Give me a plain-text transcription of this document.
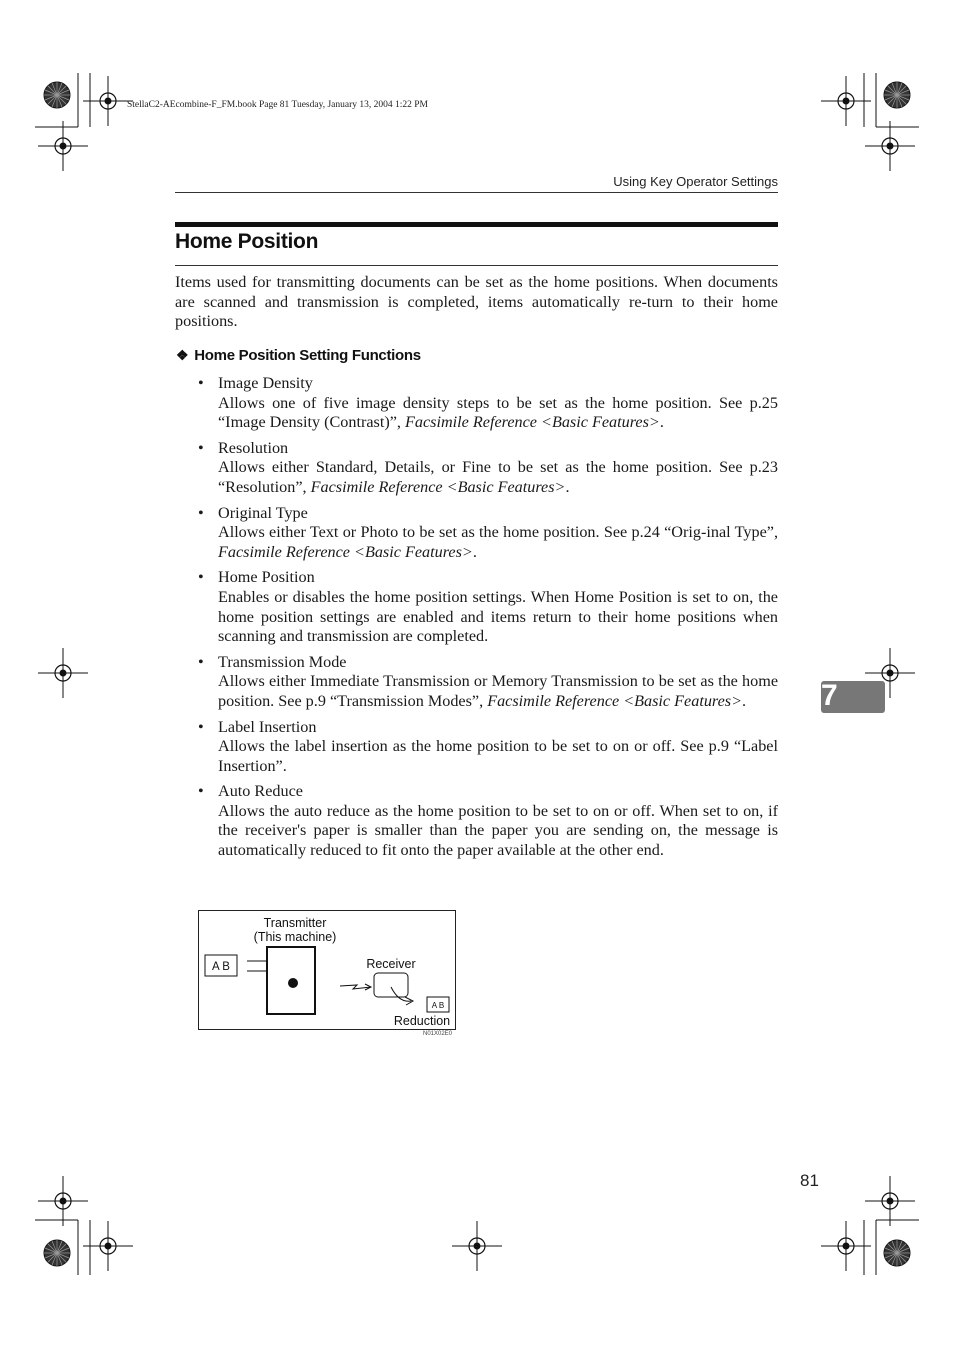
StellaC2-AEcombine-F_FM.book Page 81 Tuesday, January 13, 2004 1:22 PM
Using Key Operator Settings
Home Position

Items used for transmitting documents can be set as the home positions. When documents are scanned and transmission is completed, items automatically re-turn to their home positions.

❖ Home Position Setting Functions
• Image Density
Allows one of five image density steps to be set as the home position. See p.25 “Image Density (Contrast)”, Facsimile Reference <Basic Features>.
• Resolution
Allows either Standard, Details, or Fine to be set as the home position. See p.23 “Resolution”, Facsimile Reference <Basic Features>.
• Original Type
Allows either Text or Photo to be set as the home position. See p.24 “Orig-inal Type”, Facsimile Reference <Basic Features>.
• Home Position
Enables or disables the home position settings. When Home Position is set to on, the home position settings are enabled and items return to their home positions when scanning and transmission are completed.
• Transmission Mode
Allows either Immediate Transmission or Memory Transmission to be set as the home position. See p.9 “Transmission Modes”, Facsimile Reference <Basic Features>.
• Label Insertion
Allows the label insertion as the home position to be set to on or off. See p.9 “Label Insertion”.
• Auto Reduce
Allows the auto reduce as the home position to be set to on or off. When set to on, if the receiver's paper is smaller than the paper you are sending on, the message is automatically reduced to fit onto the paper available at the other end.
Transmitter
(This machine)
A B	Receiver
A B
Reduction
N01X02E0
7
81
